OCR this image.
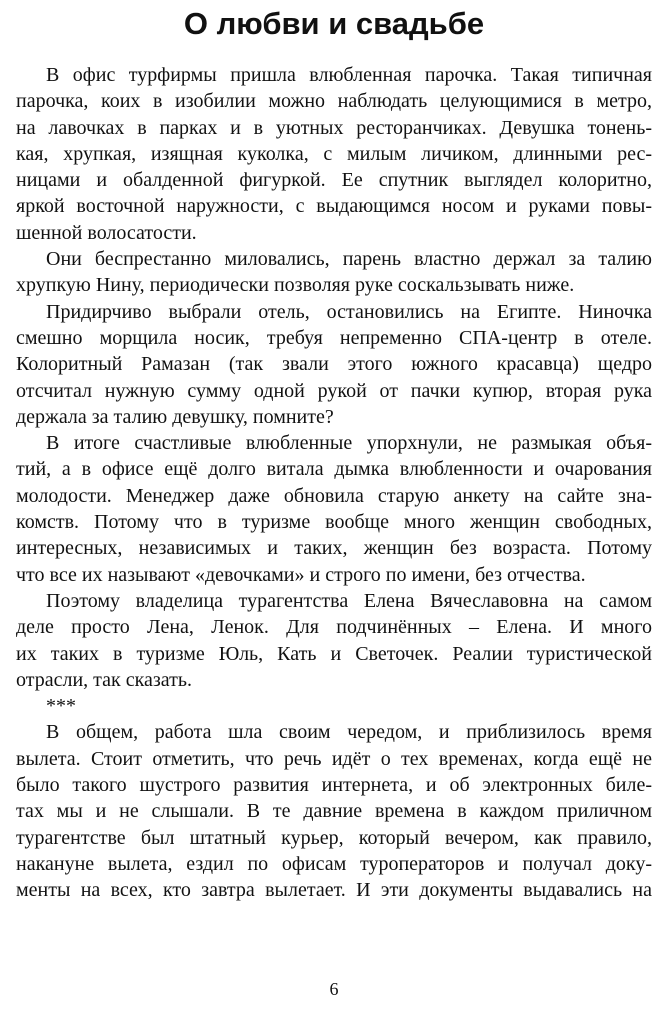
О любви и свадьбе
В офис турфирмы пришла влюбленная парочка. Такая типичная
парочка, коих в изобилии можно наблюдать целующимися в метро,
на лавочках в парках и в уютных ресторанчиках. Девушка тонень-
кая, хрупкая, изящная куколка, с милым личиком, длинными рес-
ницами и обалденной фигуркой. Ее спутник выглядел колоритно,
яркой восточной наружности, с выдающимся носом и руками повы-
шенной волосатости.
Они беспрестанно миловались, парень властно держал за талию
хрупкую Нину, периодически позволяя руке соскальзывать ниже.
Придирчиво выбрали отель, остановились на Египте. Ниночка
смешно морщила носик, требуя непременно СПА-центр в отеле.
Колоритный Рамазан (так звали этого южного красавца) щедро
отсчитал нужную сумму одной рукой от пачки купюр, вторая рука
держала за талию девушку, помните?
В итоге счастливые влюбленные упорхнули, не размыкая объя-
тий, а в офисе ещё долго витала дымка влюбленности и очарования
молодости. Менеджер даже обновила старую анкету на сайте зна-
комств. Потому что в туризме вообще много женщин свободных,
интересных, независимых и таких, женщин без возраста. Потому
что все их называют «девочками» и строго по имени, без отчества.
Поэтому владелица турагентства Елена Вячеславовна на самом
деле просто Лена, Ленок. Для подчинённых – Елена. И много
их таких в туризме Юль, Кать и Светочек. Реалии туристической
отрасли, так сказать.
***
В общем, работа шла своим чередом, и приблизилось время
вылета. Стоит отметить, что речь идёт о тех временах, когда ещё не
было такого шустрого развития интернета, и об электронных биле-
тах мы и не слышали. В те давние времена в каждом приличном
турагентстве был штатный курьер, который вечером, как правило,
накануне вылета, ездил по офисам туроператоров и получал доку-
менты на всех, кто завтра вылетает. И эти документы выдавались на
6
